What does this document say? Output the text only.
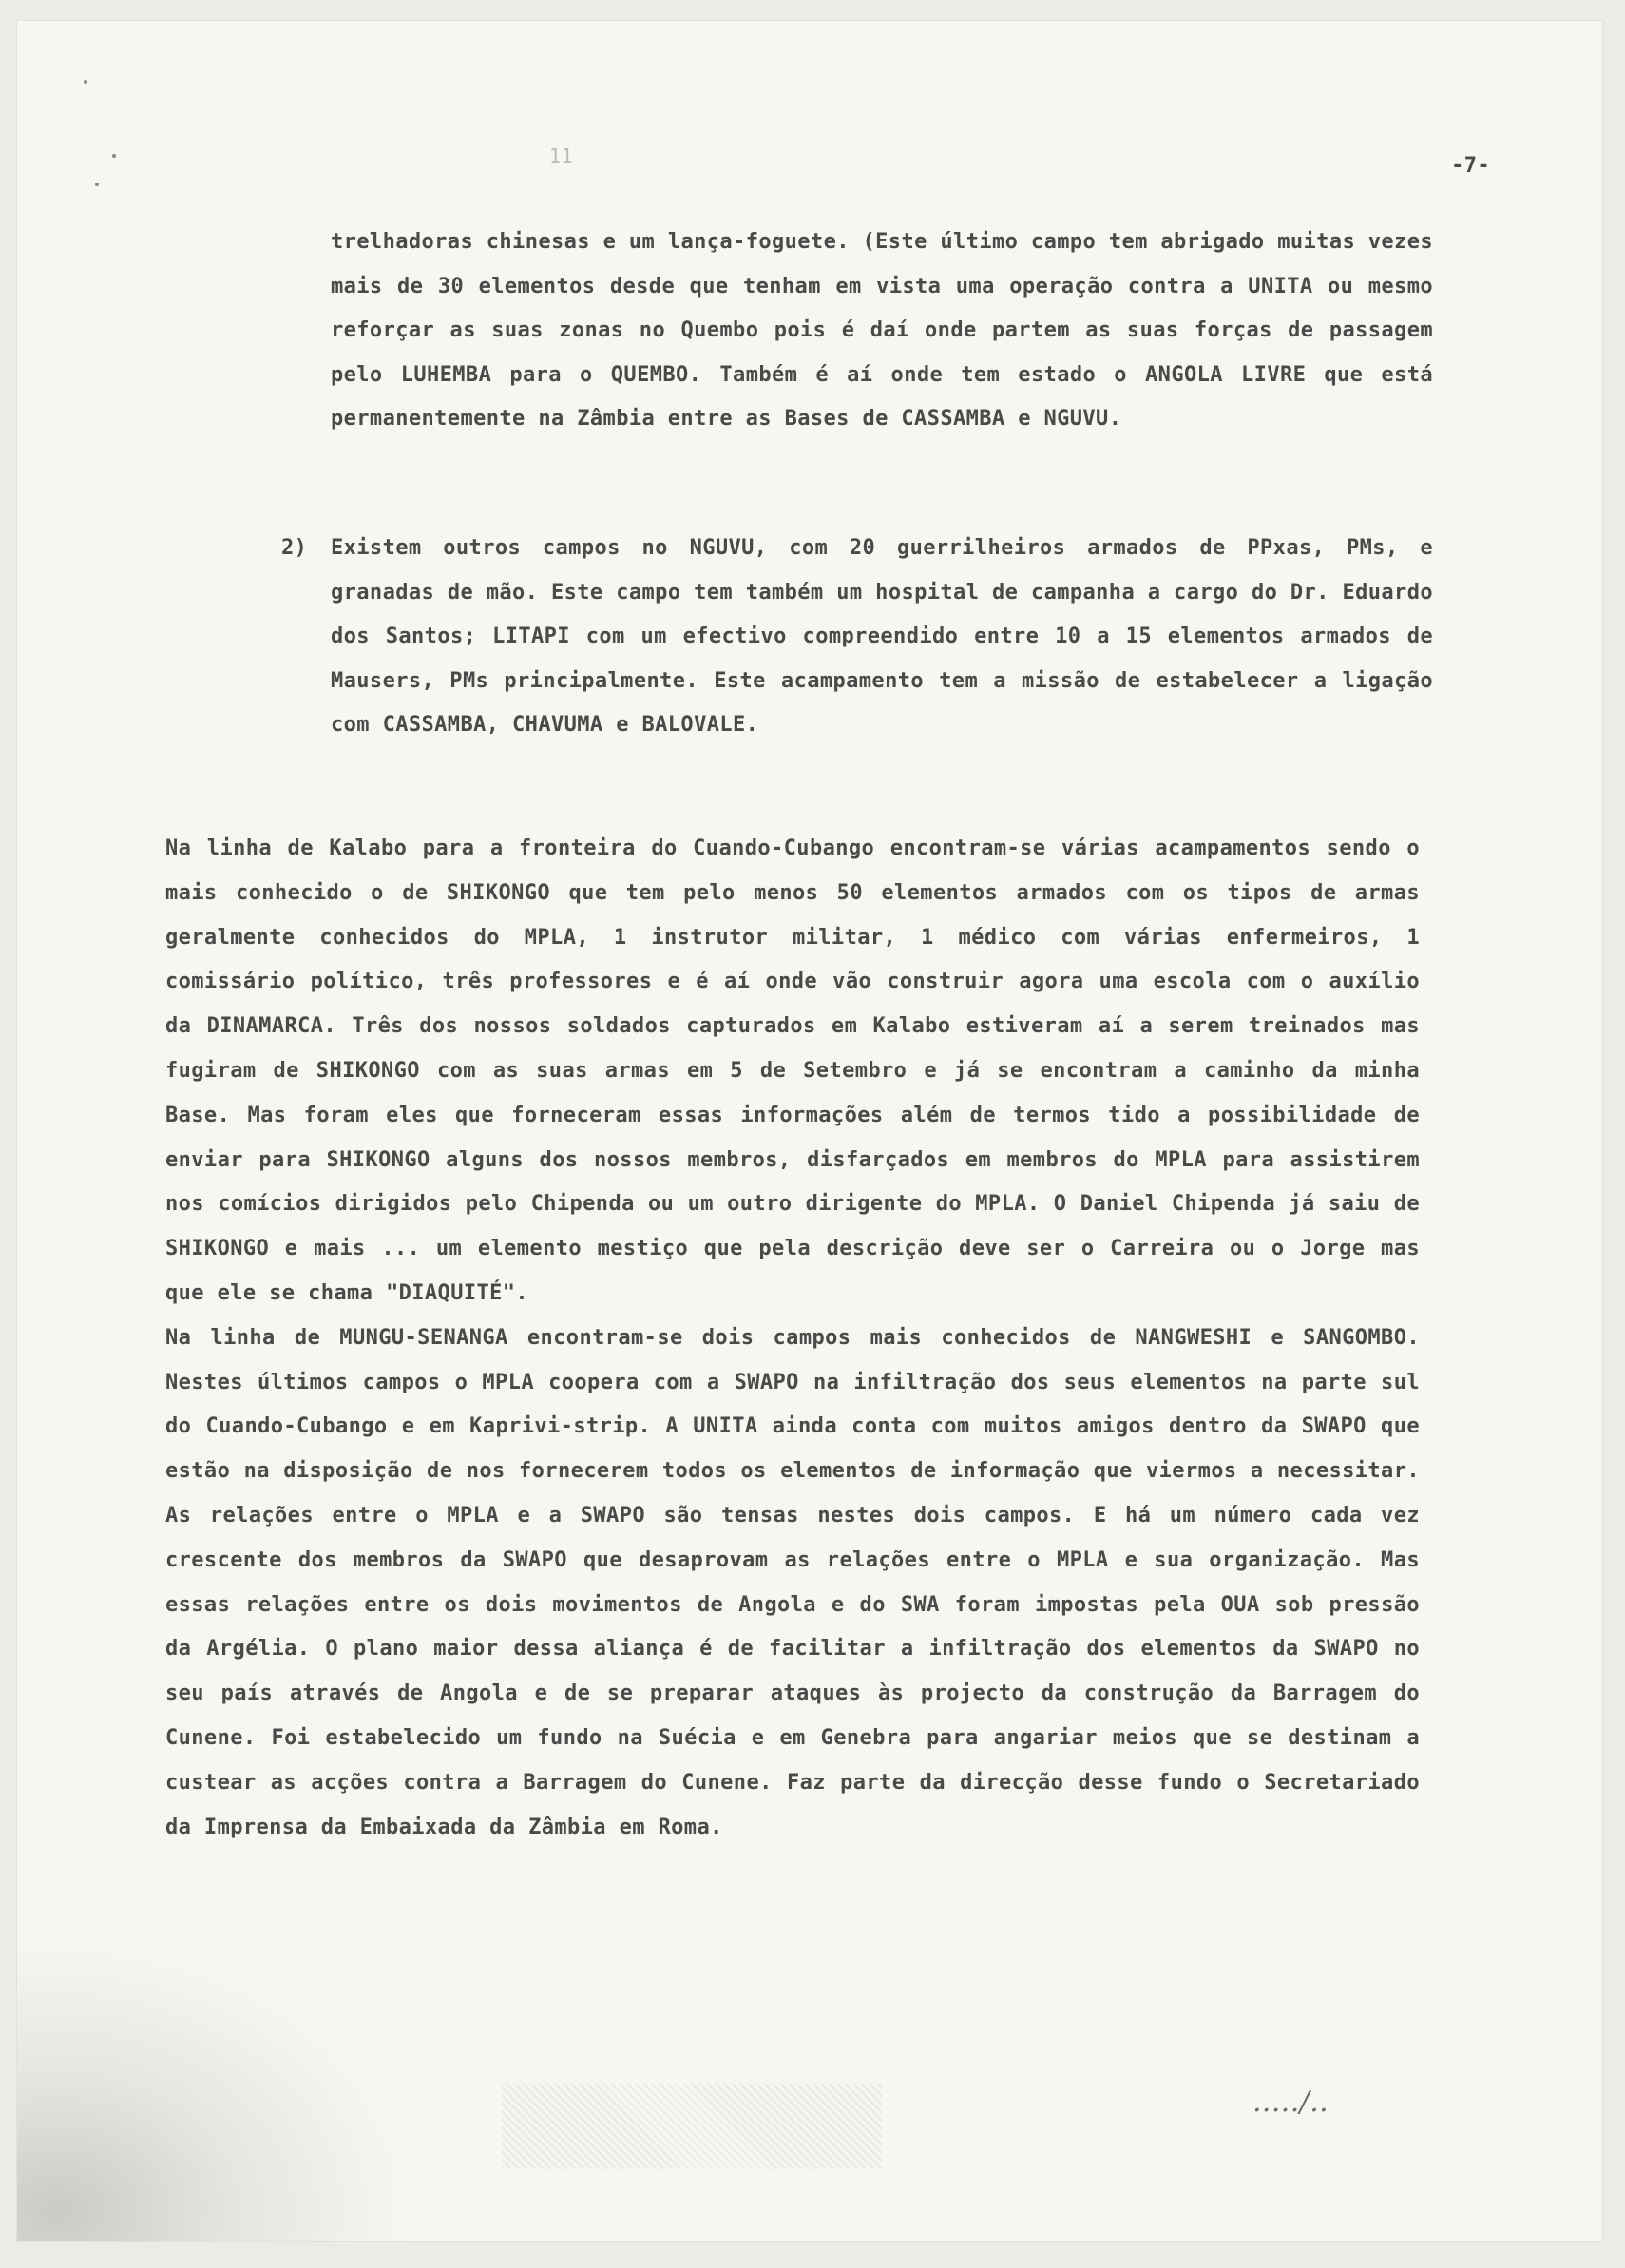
11	-7-
trelhadoras chinesas e um lança-foguete. (Este último campo tem abrigado muitas vezes mais de 30 elementos desde que tenham em vista uma operação contra a UNITA ou mesmo reforçar as suas zonas no Quembo pois é daí onde partem as suas forças de passagem pelo LUHEMBA para o QUEMBO. Também é aí onde tem estado o ANGOLA LIVRE que está permanentemente na Zâmbia entre as Bases de CASSAMBA e NGUVU.
2) Existem outros campos no NGUVU, com 20 guerrilheiros armados de PPxas, PMs, e granadas de mão. Este campo tem também um hospital de campanha a cargo do Dr. Eduardo dos Santos; LITAPI com um efectivo compreendido entre 10 a 15 elementos armados de Mausers, PMs principalmente. Este acampamento tem a missão de estabelecer a ligação com CASSAMBA, CHAVUMA e BALOVALE.

Na linha de Kalabo para a fronteira do Cuando-Cubango encontram-se várias acampamentos sendo o mais conhecido o de SHIKONGO que tem pelo menos 50 elementos armados com os tipos de armas geralmente conhecidos do MPLA, 1 instrutor militar, 1 médico com várias enfermeiros, 1 comissário político, três professores e é aí onde vão construir agora uma escola com o auxílio da DINAMARCA. Três dos nossos soldados capturados em Kalabo estiveram aí a serem treinados mas fugiram de SHIKONGO com as suas armas em 5 de Setembro e já se encontram a caminho da minha Base. Mas foram eles que forneceram essas informações além de termos tido a possibilidade de enviar para SHIKONGO alguns dos nossos membros, disfarçados em membros do MPLA para assistirem nos comícios dirigidos pelo Chipenda ou um outro dirigente do MPLA. O Daniel Chipenda já saiu de SHIKONGO e mais ... um elemento mestiço que pela descrição deve ser o Carreira ou o Jorge mas que ele se chama "DIAQUITÉ".

Na linha de MUNGU-SENANGA encontram-se dois campos mais conhecidos de NANGWESHI e SANGOMBO. Nestes últimos campos o MPLA coopera com a SWAPO na infiltração dos seus elementos na parte sul do Cuando-Cubango e em Kaprivi-strip. A UNITA ainda conta com muitos amigos dentro da SWAPO que estão na disposição de nos fornecerem todos os elementos de informação que viermos a necessitar. As relações entre o MPLA e a SWAPO são tensas nestes dois campos. E há um número cada vez crescente dos membros da SWAPO que desaprovam as relações entre o MPLA e sua organização. Mas essas relações entre os dois movimentos de Angola e do SWA foram impostas pela OUA sob pressão da Argélia. O plano maior dessa aliança é de facilitar a infiltração dos elementos da SWAPO no seu país através de Angola e de se preparar ataques às projecto da construção da Barragem do Cunene. Foi estabelecido um fundo na Suécia e em Genebra para angariar meios que se destinam a custear as acções contra a Barragem do Cunene. Faz parte da direcção desse fundo o Secretariado da Imprensa da Embaixada da Zâmbia em Roma.

...../..
